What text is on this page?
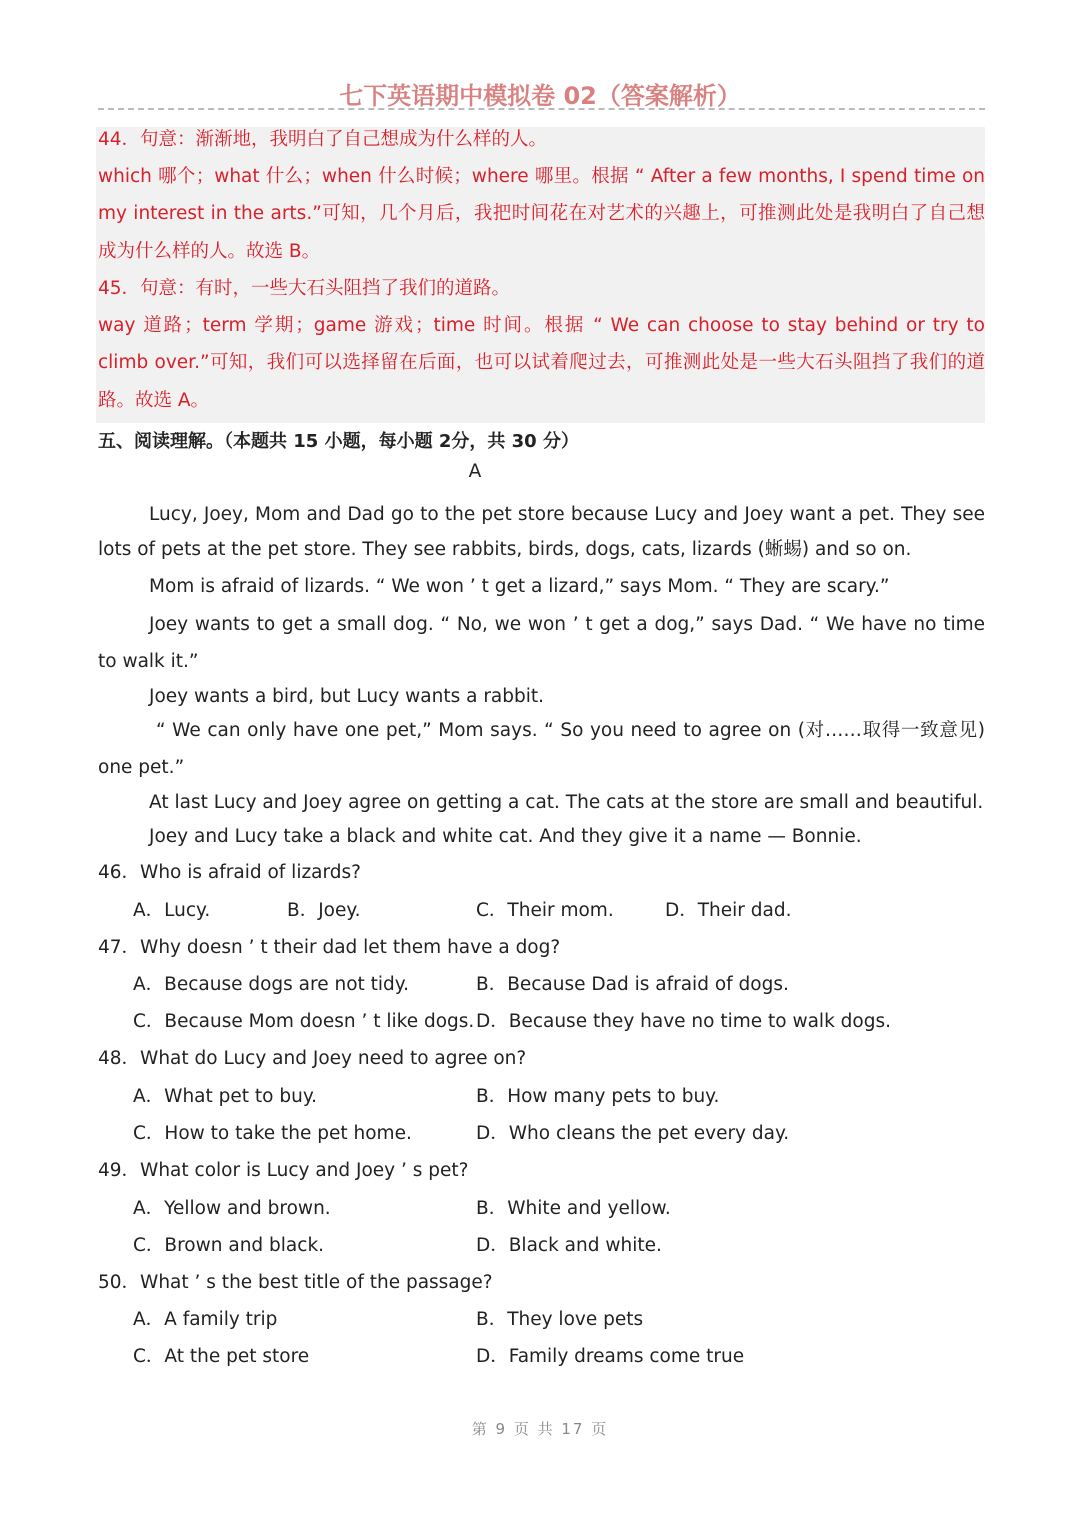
七下英语期中模拟卷 02（答案解析）
44．句意：渐渐地，我明白了自己想成为什么样的人。
which 哪个；what 什么；when 什么时候；where 哪里。根据 “ After a few months, I spend time on my interest in the arts.”可知，几个月后，我把时间花在对艺术的兴趣上，可推测此处是我明白了自己想成为什么样的人。故选 B。
45．句意：有时，一些大石头阻挡了我们的道路。
way 道路；term 学期；game 游戏；time 时间。根据 “ We can choose to stay behind or try to climb over.”可知，我们可以选择留在后面，也可以试着爬过去，可推测此处是一些大石头阻挡了我们的道路。故选 A。
五、阅读理解。（本题共 15 小题，每小题 2分，共 30 分）
A
Lucy, Joey, Mom and Dad go to the pet store because Lucy and Joey want a pet. They see lots of pets at the pet store. They see rabbits, birds, dogs, cats, lizards (蜥蜴) and so on.
Mom is afraid of lizards. “ We won ’ t get a lizard,” says Mom. “ They are scary.”
Joey wants to get a small dog. “ No, we won ’ t get a dog,” says Dad. “ We have no time to walk it.”
Joey wants a bird, but Lucy wants a rabbit.
“ We can only have one pet,” Mom says. “ So you need to agree on (对……取得一致意见) one pet.”
At last Lucy and Joey agree on getting a cat. The cats at the store are small and beautiful.
Joey and Lucy take a black and white cat. And they give it a name — Bonnie.
46．Who is afraid of lizards?
A．Lucy.	B．Joey.	C．Their mom.	D．Their dad.
47．Why doesn ’ t their dad let them have a dog?
A．Because dogs are not tidy.	B．Because Dad is afraid of dogs.
C．Because Mom doesn ’ t like dogs. D．Because they have no time to walk dogs.
48．What do Lucy and Joey need to agree on?
A．What pet to buy.	B．How many pets to buy.
C．How to take the pet home.	D．Who cleans the pet every day.
49．What color is Lucy and Joey ’ s pet?
A．Yellow and brown.	B．White and yellow.
C．Brown and black.	D．Black and white.
50．What ’ s the best title of the passage?
A．A family trip	B．They love pets
C．At the pet store	D．Family dreams come true
第 9 页 共 17 页
